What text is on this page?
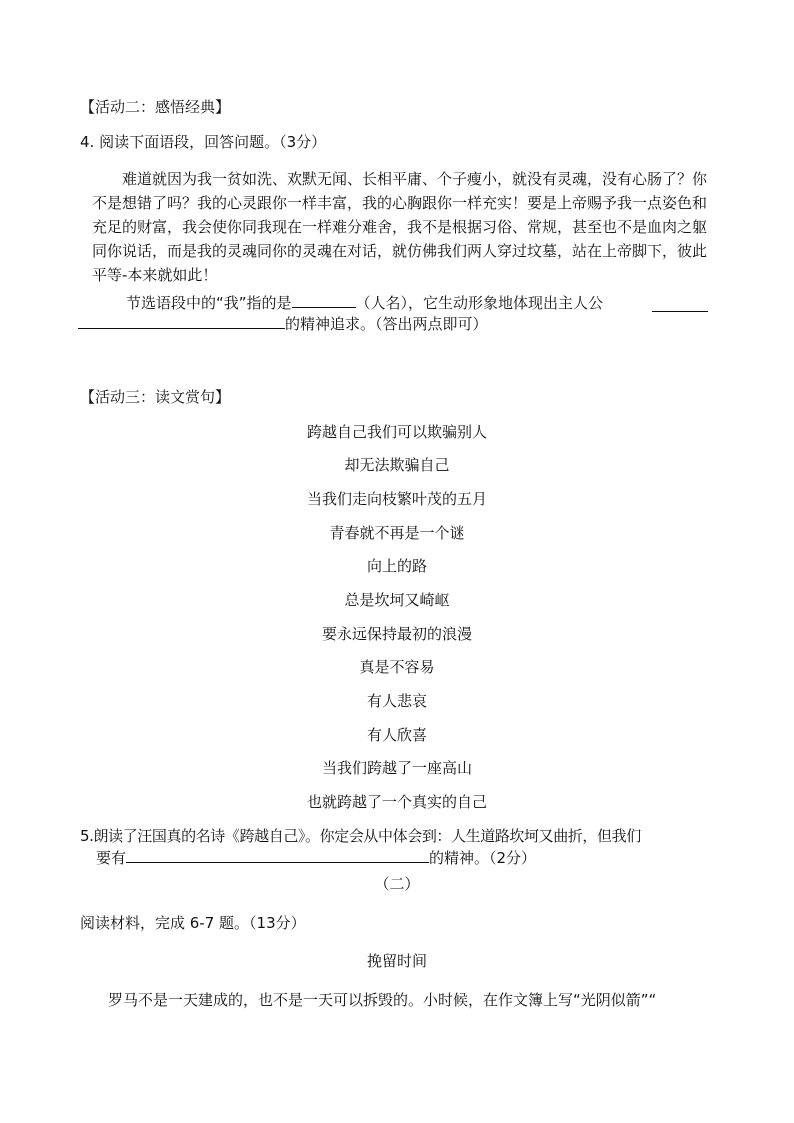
【活动二：感悟经典】
4. 阅读下面语段，回答问题。（3分）
难道就因为我一贫如洗、欢默无闻、长相平庸、个子瘦小，就没有灵魂，没有心肠了？你不是想错了吗？我的心灵跟你一样丰富，我的心胸跟你一样充实！要是上帝赐予我一点姿色和充足的财富，我会使你同我现在一样难分难舍，我不是根据习俗、常规，甚至也不是血肉之躯同你说话，而是我的灵魂同你的灵魂在对话，就仿佛我们两人穿过坟墓，站在上帝脚下，彼此平等-本来就如此！
节选语段中的“我”指的是	（人名），它生动形象地体现出主人公
的精神追求。（答出两点即可）
【活动三：读文赏句】
跨越自己我们可以欺骗别人
却无法欺骗自己
当我们走向枝繁叶茂的五月
青春就不再是一个谜
向上的路
总是坎坷又崎岖
要永远保持最初的浪漫
真是不容易
有人悲哀
有人欣喜
当我们跨越了一座高山
也就跨越了一个真实的自己
5.朗读了汪国真的名诗《跨越自己》。你定会从中体会到：人生道路坎坷又曲折，但我们
要有	的精神。（2分）
（二）
阅读材料，完成 6-7 题。（13分）
挽留时间
罗马不是一天建成的，也不是一天可以拆毁的。小时候，在作文簿上写“光阴似箭”“
